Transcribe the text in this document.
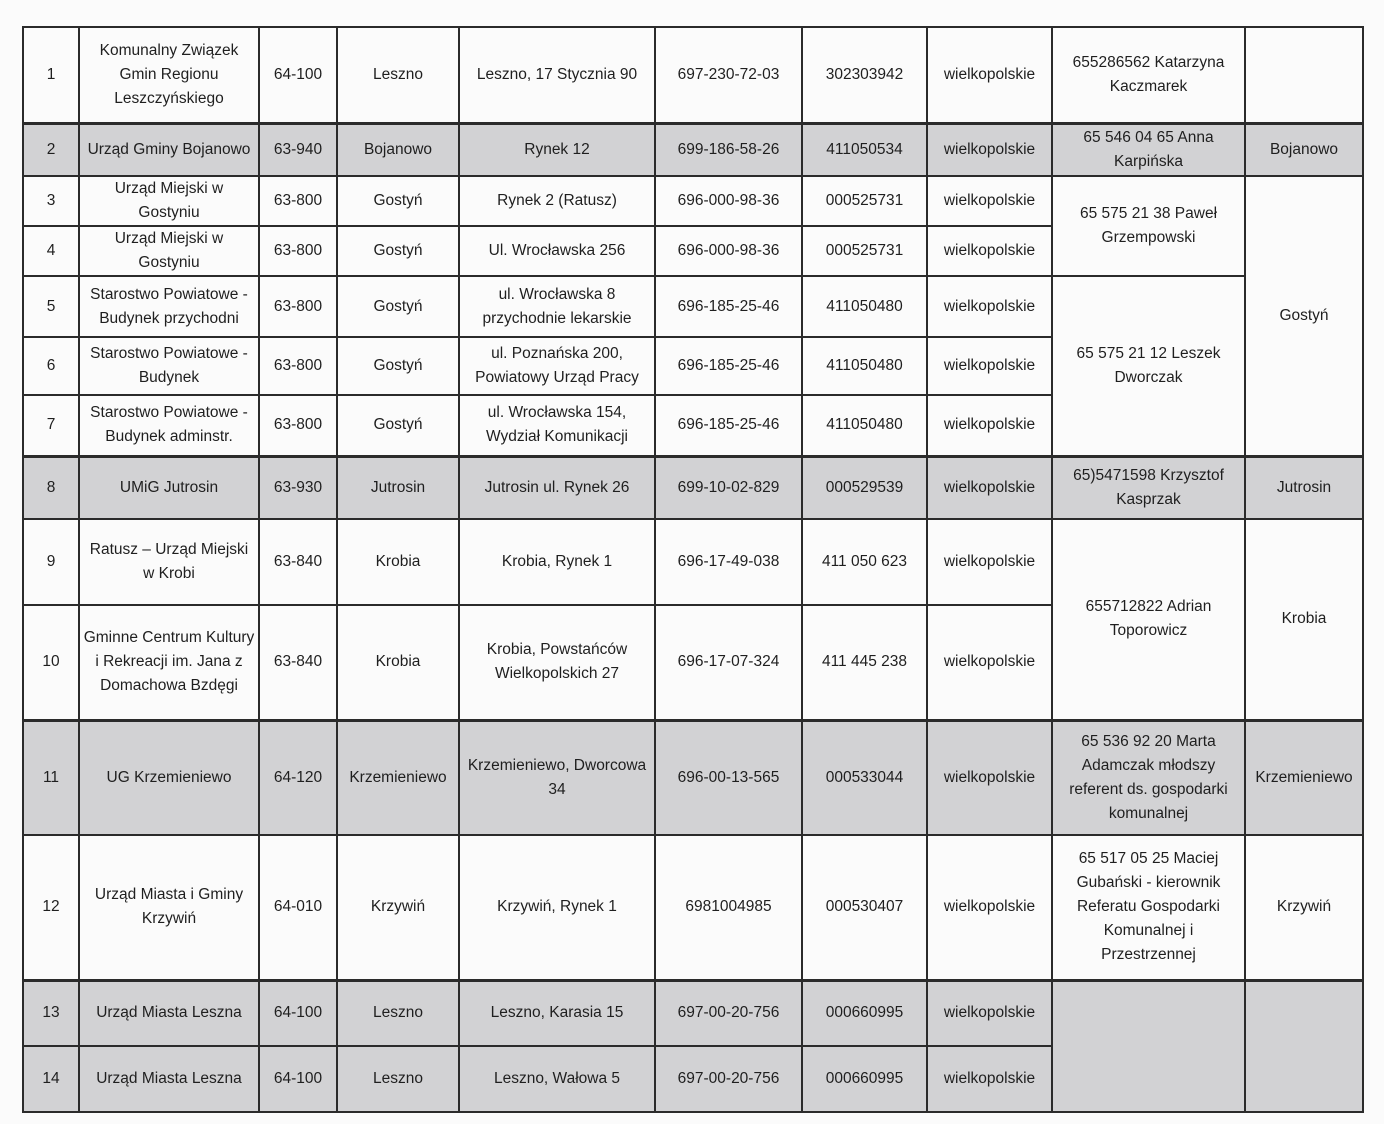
1	Komunalny Związek Gmin Regionu Leszczyńskiego	64-100	Leszno	Leszno, 17 Stycznia 90	697-230-72-03	302303942	wielkopolskie	655286562 Katarzyna Kaczmarek	
2	Urząd Gminy Bojanowo	63-940	Bojanowo	Rynek 12	699-186-58-26	411050534	wielkopolskie	65 546 04 65 Anna Karpińska	Bojanowo
3	Urząd Miejski w Gostyniu	63-800	Gostyń	Rynek 2 (Ratusz)	696-000-98-36	000525731	wielkopolskie	65 575 21 38 Paweł Grzempowski	Gostyń
4	Urząd Miejski w Gostyniu	63-800	Gostyń	Ul. Wrocławska 256	696-000-98-36	000525731	wielkopolskie		
5	Starostwo Powiatowe - Budynek przychodni	63-800	Gostyń	ul. Wrocławska 8 przychodnie lekarskie	696-185-25-46	411050480	wielkopolskie	65 575 21 12 Leszek Dworczak	
6	Starostwo Powiatowe - Budynek	63-800	Gostyń	ul. Poznańska 200, Powiatowy Urząd Pracy	696-185-25-46	411050480	wielkopolskie		
7	Starostwo Powiatowe - Budynek adminstr.	63-800	Gostyń	ul. Wrocławska 154, Wydział Komunikacji	696-185-25-46	411050480	wielkopolskie		
8	UMiG Jutrosin	63-930	Jutrosin	Jutrosin ul. Rynek 26	699-10-02-829	000529539	wielkopolskie	65)5471598 Krzysztof Kasprzak	Jutrosin
9	Ratusz – Urząd Miejski w Krobi	63-840	Krobia	Krobia, Rynek 1	696-17-49-038	411 050 623	wielkopolskie	655712822 Adrian Toporowicz	Krobia
10	Gminne Centrum Kultury i Rekreacji im. Jana z Domachowa Bzdęgi	63-840	Krobia	Krobia, Powstańców Wielkopolskich 27	696-17-07-324	411 445 238	wielkopolskie		
11	UG Krzemieniewo	64-120	Krzemieniewo	Krzemieniewo, Dworcowa 34	696-00-13-565	000533044	wielkopolskie	65 536 92 20 Marta Adamczak młodszy referent ds. gospodarki komunalnej	Krzemieniewo
12	Urząd Miasta i Gminy Krzywiń	64-010	Krzywiń	Krzywiń, Rynek 1	6981004985	000530407	wielkopolskie	65 517 05 25 Maciej Gubański - kierownik Referatu Gospodarki Komunalnej i Przestrzennej	Krzywiń
13	Urząd Miasta Leszna	64-100	Leszno	Leszno, Karasia 15	697-00-20-756	000660995	wielkopolskie		
14	Urząd Miasta Leszna	64-100	Leszno	Leszno, Wałowa 5	697-00-20-756	000660995	wielkopolskie		
